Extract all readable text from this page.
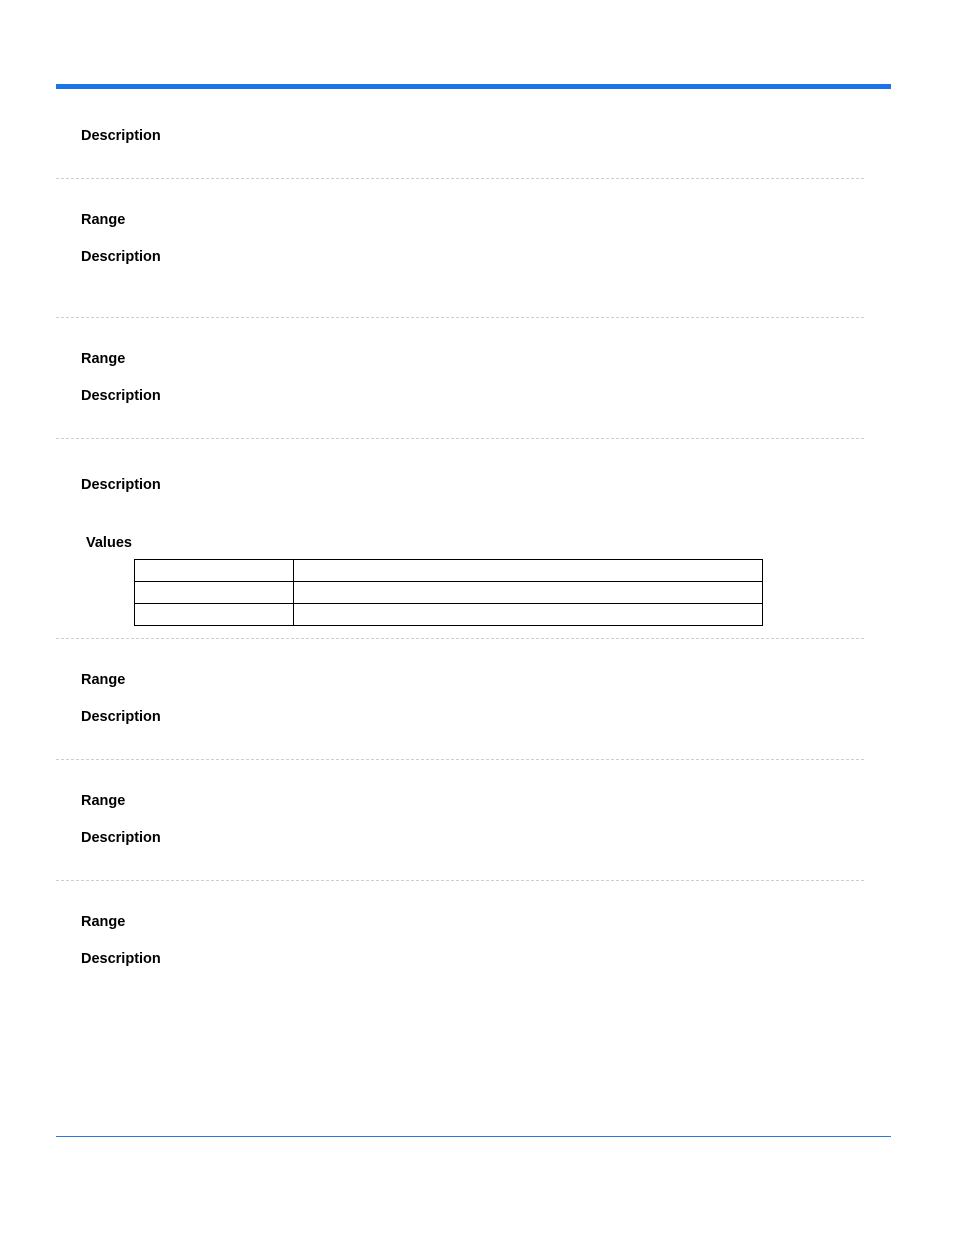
Description
Range
Description
Range
Description
Description
Values

Range
Description
Range
Description
Range
Description
